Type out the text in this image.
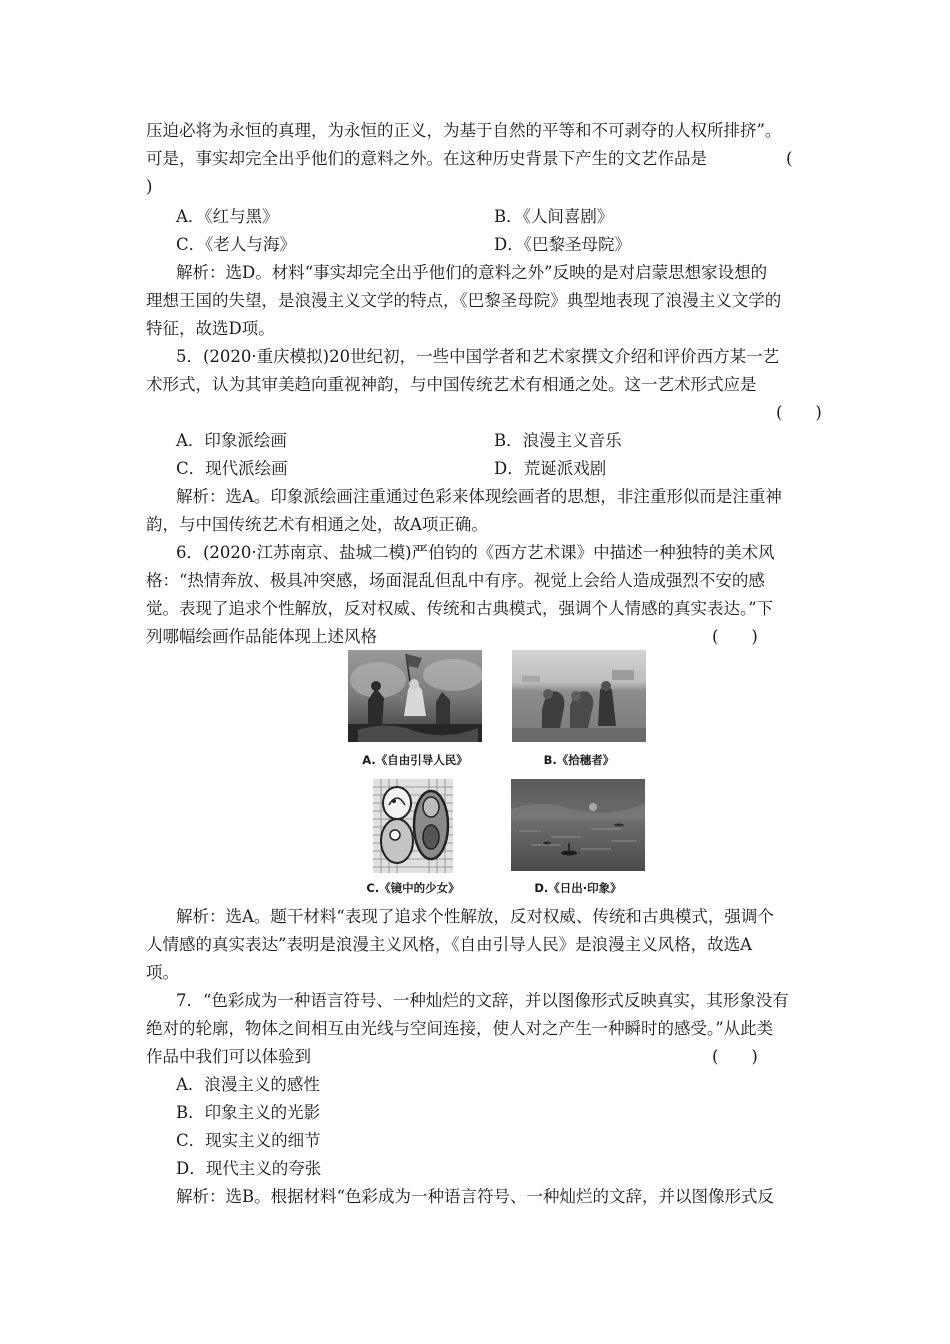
压迫必将为永恒的真理，为永恒的正义，为基于自然的平等和不可剥夺的人权所排挤”。
可是，事实却完全出乎他们的意料之外。在这种历史背景下产生的文艺作品是	(
)
A．《红与黑》	B．《人间喜剧》
C．《老人与海》	D．《巴黎圣母院》
解析：选D。材料“事实却完全出乎他们的意料之外”反映的是对启蒙思想家设想的
理想王国的失望，是浪漫主义文学的特点，《巴黎圣母院》典型地表现了浪漫主义文学的
特征，故选D项。
5．(2020·重庆模拟)20世纪初，一些中国学者和艺术家撰文介绍和评价西方某一艺
术形式，认为其审美趋向重视神韵，与中国传统艺术有相通之处。这一艺术形式应是
(　　)
A．印象派绘画	B．浪漫主义音乐
C．现代派绘画	D．荒诞派戏剧
解析：选A。印象派绘画注重通过色彩来体现绘画者的思想，非注重形似而是注重神
韵，与中国传统艺术有相通之处，故A项正确。
6．(2020·江苏南京、盐城二模)严伯钧的《西方艺术课》中描述一种独特的美术风
格：“热情奔放、极具冲突感，场面混乱但乱中有序。视觉上会给人造成强烈不安的感
觉。表现了追求个性解放，反对权威、传统和古典模式，强调个人情感的真实表达。”下
列哪幅绘画作品能体现上述风格	(　　)
A.《自由引导人民》	B.《拾穗者》
C.《镜中的少女》	D.《日出·印象》
解析：选A。题干材料“表现了追求个性解放，反对权威、传统和古典模式，强调个
人情感的真实表达”表明是浪漫主义风格，《自由引导人民》是浪漫主义风格，故选A
项。
7．“色彩成为一种语言符号、一种灿烂的文辞，并以图像形式反映真实，其形象没有
绝对的轮廓，物体之间相互由光线与空间连接，使人对之产生一种瞬时的感受。”从此类
作品中我们可以体验到	(　　)
A．浪漫主义的感性
B．印象主义的光影
C．现实主义的细节
D．现代主义的夸张
解析：选B。根据材料“色彩成为一种语言符号、一种灿烂的文辞，并以图像形式反
